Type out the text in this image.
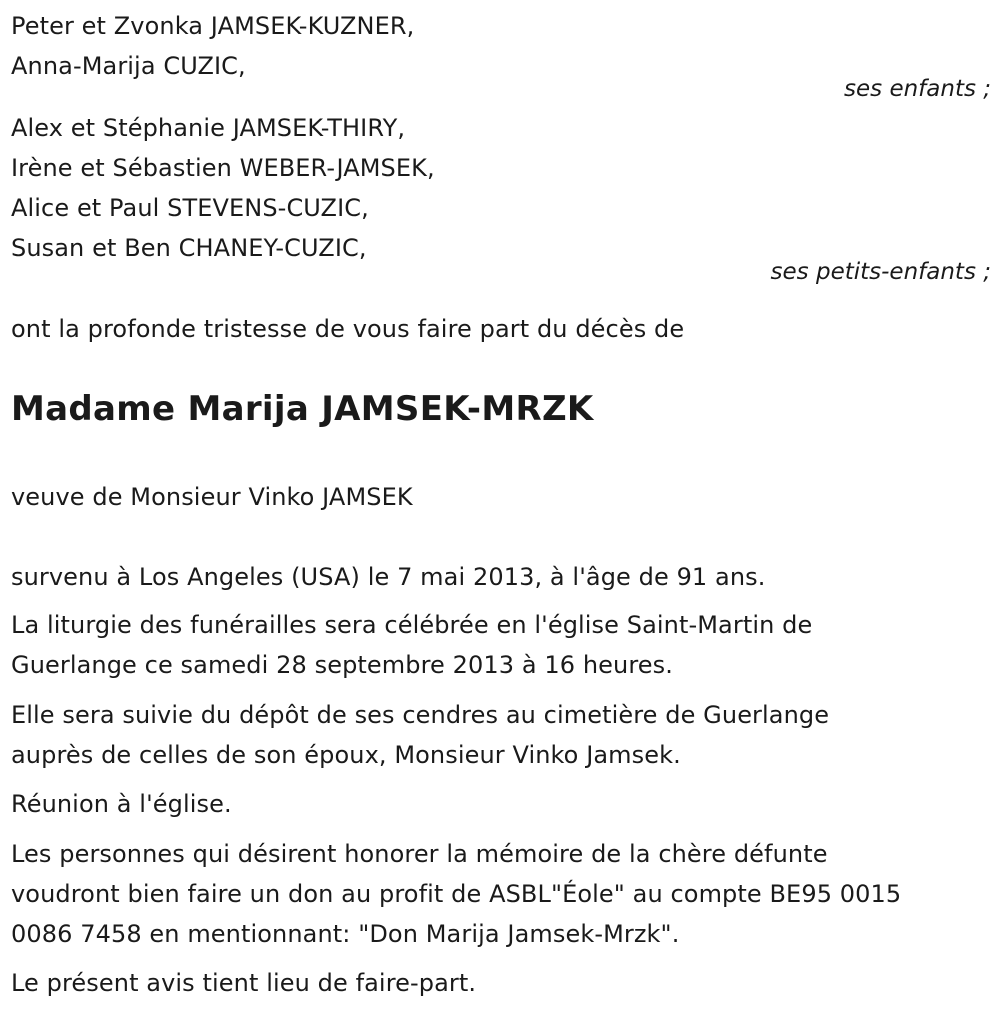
Peter et Zvonka JAMSEK-KUZNER,
Anna-Marija CUZIC,
ses enfants ;
Alex et Stéphanie JAMSEK-THIRY,
Irène et Sébastien WEBER-JAMSEK,
Alice et Paul STEVENS-CUZIC,
Susan et Ben CHANEY-CUZIC,
ses petits-enfants ;
ont la profonde tristesse de vous faire part du décès de
Madame Marija JAMSEK-MRZK
veuve de Monsieur Vinko JAMSEK
survenu à Los Angeles (USA) le 7 mai 2013, à l'âge de 91 ans.
La liturgie des funérailles sera célébrée en l'église Saint-Martin de
Guerlange ce samedi 28 septembre 2013 à 16 heures.
Elle sera suivie du dépôt de ses cendres au cimetière de Guerlange
auprès de celles de son époux, Monsieur Vinko Jamsek.
Réunion à l'église.
Les personnes qui désirent honorer la mémoire de la chère défunte
voudront bien faire un don au profit de ASBL"Éole" au compte BE95 0015
0086 7458 en mentionnant: "Don Marija Jamsek-Mrzk".
Le présent avis tient lieu de faire-part.
